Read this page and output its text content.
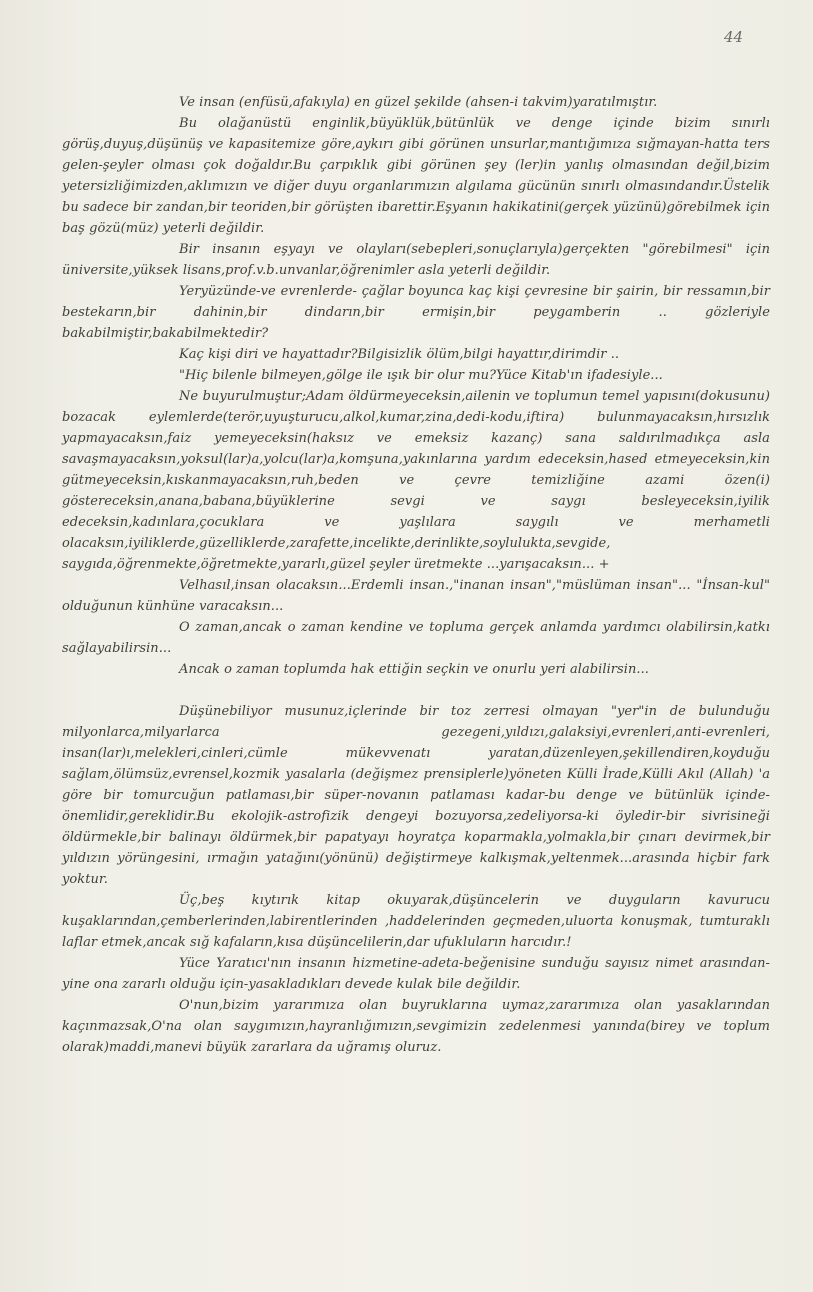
44

Ve insan (enfüsü,afakıyla) en güzel şekilde (ahsen-i takvim)yaratılmıştır.

Bu olağanüstü enginlik,büyüklük,bütünlük ve denge içinde bizim sınırlı görüş,duyuş,düşünüş ve kapasitemize göre,aykırı gibi görünen unsurlar,mantığımıza sığmayan-hatta ters gelen-şeyler olması çok doğaldır.Bu çarpıklık gibi görünen şey (ler)in yanlış olmasından değil,bizim yetersizliğimizden,aklımızın ve diğer duyu organlarımızın algılama gücünün sınırlı olmasındandır.Üstelik bu sadece bir zandan,bir teoriden,bir görüşten ibarettir.Eşyanın hakikatini(gerçek yüzünü)görebilmek için baş gözü(müz) yeterli değildir.

Bir insanın eşyayı ve olayları(sebepleri,sonuçlarıyla)gerçekten "görebilmesi" için üniversite,yüksek lisans,prof.v.b.unvanlar,öğrenimler asla yeterli değildir.

Yeryüzünde-ve evrenlerde- çağlar boyunca kaç kişi çevresine bir şairin, bir ressamın,bir bestekarın,bir dahinin,bir dindarın,bir ermişin,bir peygamberin .. gözleriyle bakabilmiştir,bakabilmektedir?

Kaç kişi diri ve hayattadır?Bilgisizlik ölüm,bilgi hayattır,dirimdir ..

"Hiç bilenle bilmeyen,gölge ile ışık bir olur mu?Yüce Kitab'ın ifadesiyle...

Ne buyurulmuştur;Adam öldürmeyeceksin,ailenin ve toplumun temel yapısını(dokusunu) bozacak eylemlerde(terör,uyuşturucu,alkol,kumar,zina,dedi-kodu,iftira) bulunmayacaksın,hırsızlık yapmayacaksın,faiz yemeyeceksin(haksız ve emeksiz kazanç) sana saldırılmadıkça asla savaşmayacaksın,yoksul(lar)a,yolcu(lar)a,komşuna,yakınlarına yardım edeceksin,hased etmeyeceksin,kin gütmeyeceksin,kıskanmayacaksın,ruh,beden ve çevre temizliğine azami özen(i) göstereceksin,anana,babana,büyüklerine sevgi ve saygı besleyeceksin,iyilik edeceksin,kadınlara,çocuklara ve yaşlılara saygılı ve merhametli olacaksın,iyiliklerde,güzelliklerde,zarafette,incelikte,derinlikte,soylulukta,sevgide, saygıda,öğrenmekte,öğretmekte,yararlı,güzel şeyler üretmekte ...yarışacaksın... +

Velhasıl,insan olacaksın...Erdemli insan.,"inanan insan","müslüman insan"... "İnsan-kul" olduğunun künhüne varacaksın...

O zaman,ancak o zaman kendine ve topluma gerçek anlamda yardımcı olabilirsin,katkı sağlayabilirsin...

Ancak o zaman toplumda hak ettiğin seçkin ve onurlu yeri alabilirsin...

Düşünebiliyor musunuz,içlerinde bir toz zerresi olmayan "yer"in de bulunduğu milyonlarca,milyarlarca gezegeni,yıldızı,galaksiyi,evrenleri,anti-evrenleri, insan(lar)ı,melekleri,cinleri,cümle mükevvenatı yaratan,düzenleyen,şekillendiren,koyduğu sağlam,ölümsüz,evrensel,kozmik yasalarla (değişmez prensiplerle)yöneten Külli İrade,Külli Akıl (Allah) 'a göre bir tomurcuğun patlaması,bir süper-novanın patlaması kadar-bu denge ve bütünlük içinde-önemlidir,gereklidir.Bu ekolojik-astrofizik dengeyi bozuyorsa,zedeliyorsa-ki öyledir-bir sivrisineği öldürmekle,bir balinayı öldürmek,bir papatyayı hoyratça koparmakla,yolmakla,bir çınarı devirmek,bir yıldızın yörüngesini, ırmağın yatağını(yönünü) değiştirmeye kalkışmak,yeltenmek...arasında hiçbir fark yoktur.

Üç,beş kıytırık kitap okuyarak,düşüncelerin ve duyguların kavurucu kuşaklarından,çemberlerinden,labirentlerinden ,haddelerinden geçmeden,uluorta konuşmak, tumturaklı laflar etmek,ancak sığ kafaların,kısa düşüncelilerin,dar ufukluların harcıdır.!

Yüce Yaratıcı'nın insanın hizmetine-adeta-beğenisine sunduğu sayısız nimet arasından-yine ona zararlı olduğu için-yasakladıkları devede kulak bile değildir.

O'nun,bizim yararımıza olan buyruklarına uymaz,zararımıza olan yasaklarından kaçınmazsak,O'na olan saygımızın,hayranlığımızın,sevgimizin zedelenmesi yanında(birey ve toplum olarak)maddi,manevi büyük zararlara da uğramış oluruz.
